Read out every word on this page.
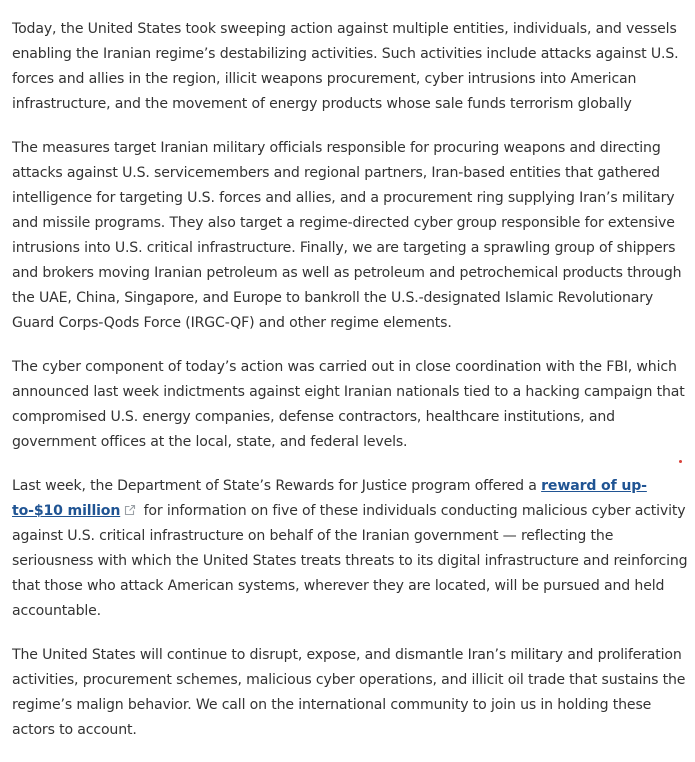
Today, the United States took sweeping action against multiple entities, individuals, and vessels enabling the Iranian regime’s destabilizing activities. Such activities include attacks against U.S. forces and allies in the region, illicit weapons procurement, cyber intrusions into American infrastructure, and the movement of energy products whose sale funds terrorism globally

The measures target Iranian military officials responsible for procuring weapons and directing attacks against U.S. servicemembers and regional partners, Iran-based entities that gathered intelligence for targeting U.S. forces and allies, and a procurement ring supplying Iran’s military and missile programs. They also target a regime-directed cyber group responsible for extensive intrusions into U.S. critical infrastructure. Finally, we are targeting a sprawling group of shippers and brokers moving Iranian petroleum as well as petroleum and petrochemical products through the UAE, China, Singapore, and Europe to bankroll the U.S.-designated Islamic Revolutionary Guard Corps-Qods Force (IRGC-QF) and other regime elements.

The cyber component of today’s action was carried out in close coordination with the FBI, which announced last week indictments against eight Iranian nationals tied to a hacking campaign that compromised U.S. energy companies, defense contractors, healthcare institutions, and government offices at the local, state, and federal levels.

Last week, the Department of State’s Rewards for Justice program offered a reward of up-to-$10 million for information on five of these individuals conducting malicious cyber activity against U.S. critical infrastructure on behalf of the Iranian government — reflecting the seriousness with which the United States treats threats to its digital infrastructure and reinforcing that those who attack American systems, wherever they are located, will be pursued and held accountable.

The United States will continue to disrupt, expose, and dismantle Iran’s military and proliferation activities, procurement schemes, malicious cyber operations, and illicit oil trade that sustains the regime’s malign behavior. We call on the international community to join us in holding these actors to account.
